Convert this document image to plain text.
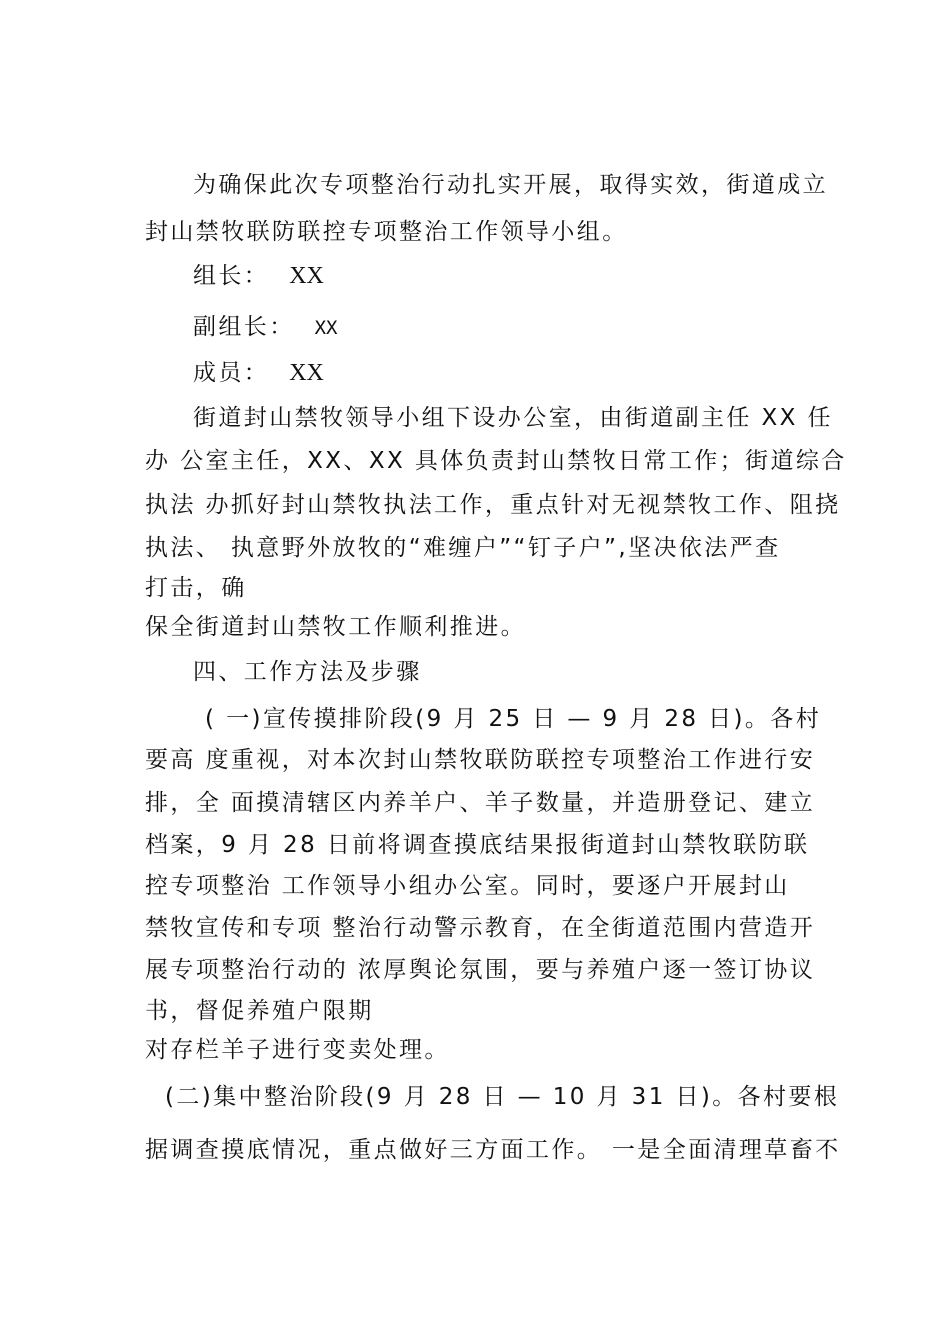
为确保此次专项整治行动扎实开展，取得实效，街道成立
封山禁牧联防联控专项整治工作领导小组。
组长： XX
副组长： XX
成员： XX
街道封山禁牧领导小组下设办公室，由街道副主任 XX 任
办 公室主任，XX、XX 具体负责封山禁牧日常工作；街道综合
执法 办抓好封山禁牧执法工作，重点针对无视禁牧工作、阻挠
执法、 执意野外放牧的“难缠户”“钉子户”,坚决依法严查
打击，确
保全街道封山禁牧工作顺利推进。
四、工作方法及步骤
( 一)宣传摸排阶段(9 月 25 日 — 9 月 28 日)。各村
要高 度重视，对本次封山禁牧联防联控专项整治工作进行安
排，全 面摸清辖区内养羊户、羊子数量，并造册登记、建立
档案，9 月 28 日前将调查摸底结果报街道封山禁牧联防联
控专项整治 工作领导小组办公室。同时，要逐户开展封山
禁牧宣传和专项 整治行动警示教育，在全街道范围内营造开
展专项整治行动的 浓厚舆论氛围，要与养殖户逐一签订协议
书，督促养殖户限期
对存栏羊子进行变卖处理。
(二)集中整治阶段(9 月 28 日 — 10 月 31 日)。各村要根
据调查摸底情况，重点做好三方面工作。 一是全面清理草畜不
